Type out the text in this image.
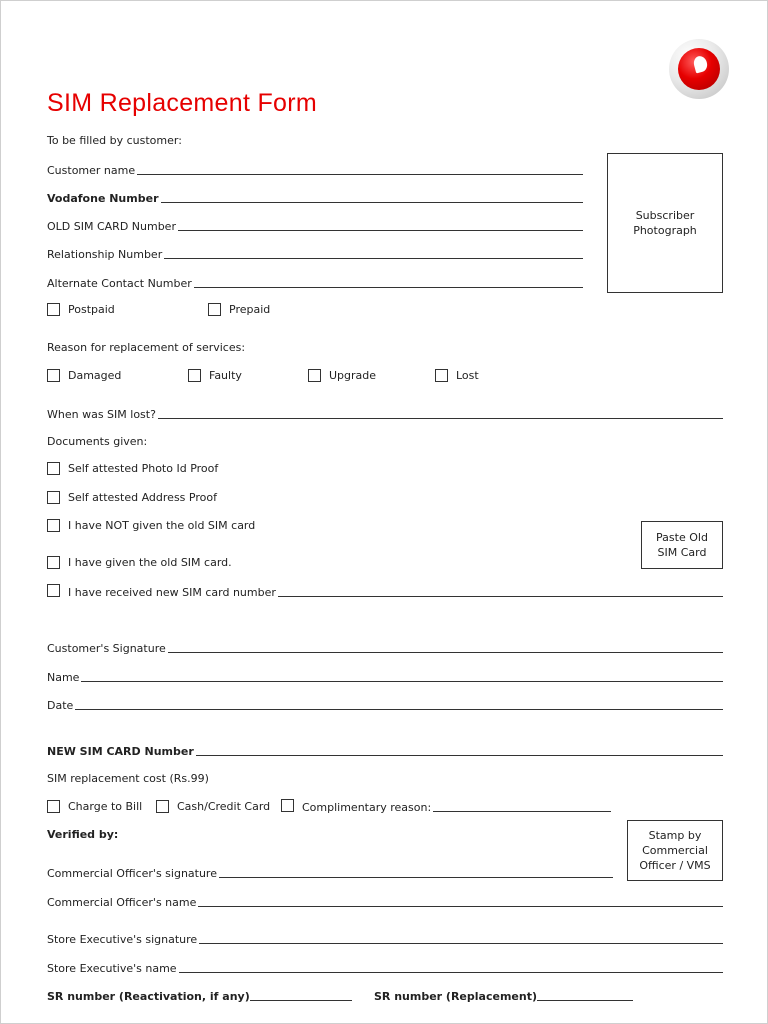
SIM Replacement Form
To be filled by customer:
Customer name
Vodafone Number
OLD SIM CARD Number
Relationship Number
Alternate Contact Number
Subscriber
Photograph
Postpaid	Prepaid
Reason for replacement of services:
Damaged	Faulty	Upgrade	Lost
When was SIM lost?
Documents given:
Self attested Photo Id Proof
Self attested Address Proof
I have NOT given the old SIM card
Paste Old
SIM Card
I have given the old SIM card.
I have received new SIM card number
Customer's Signature
Name
Date
NEW SIM CARD Number
SIM replacement cost (Rs.99)
Charge to Bill	Cash/Credit Card	Complimentary reason:
Verified by:	Stamp by
Commercial
Officer / VMS
Commercial Officer's signature
Commercial Officer's name
Store Executive's signature
Store Executive's name
SR number (Reactivation, if any)	SR number (Replacement)
